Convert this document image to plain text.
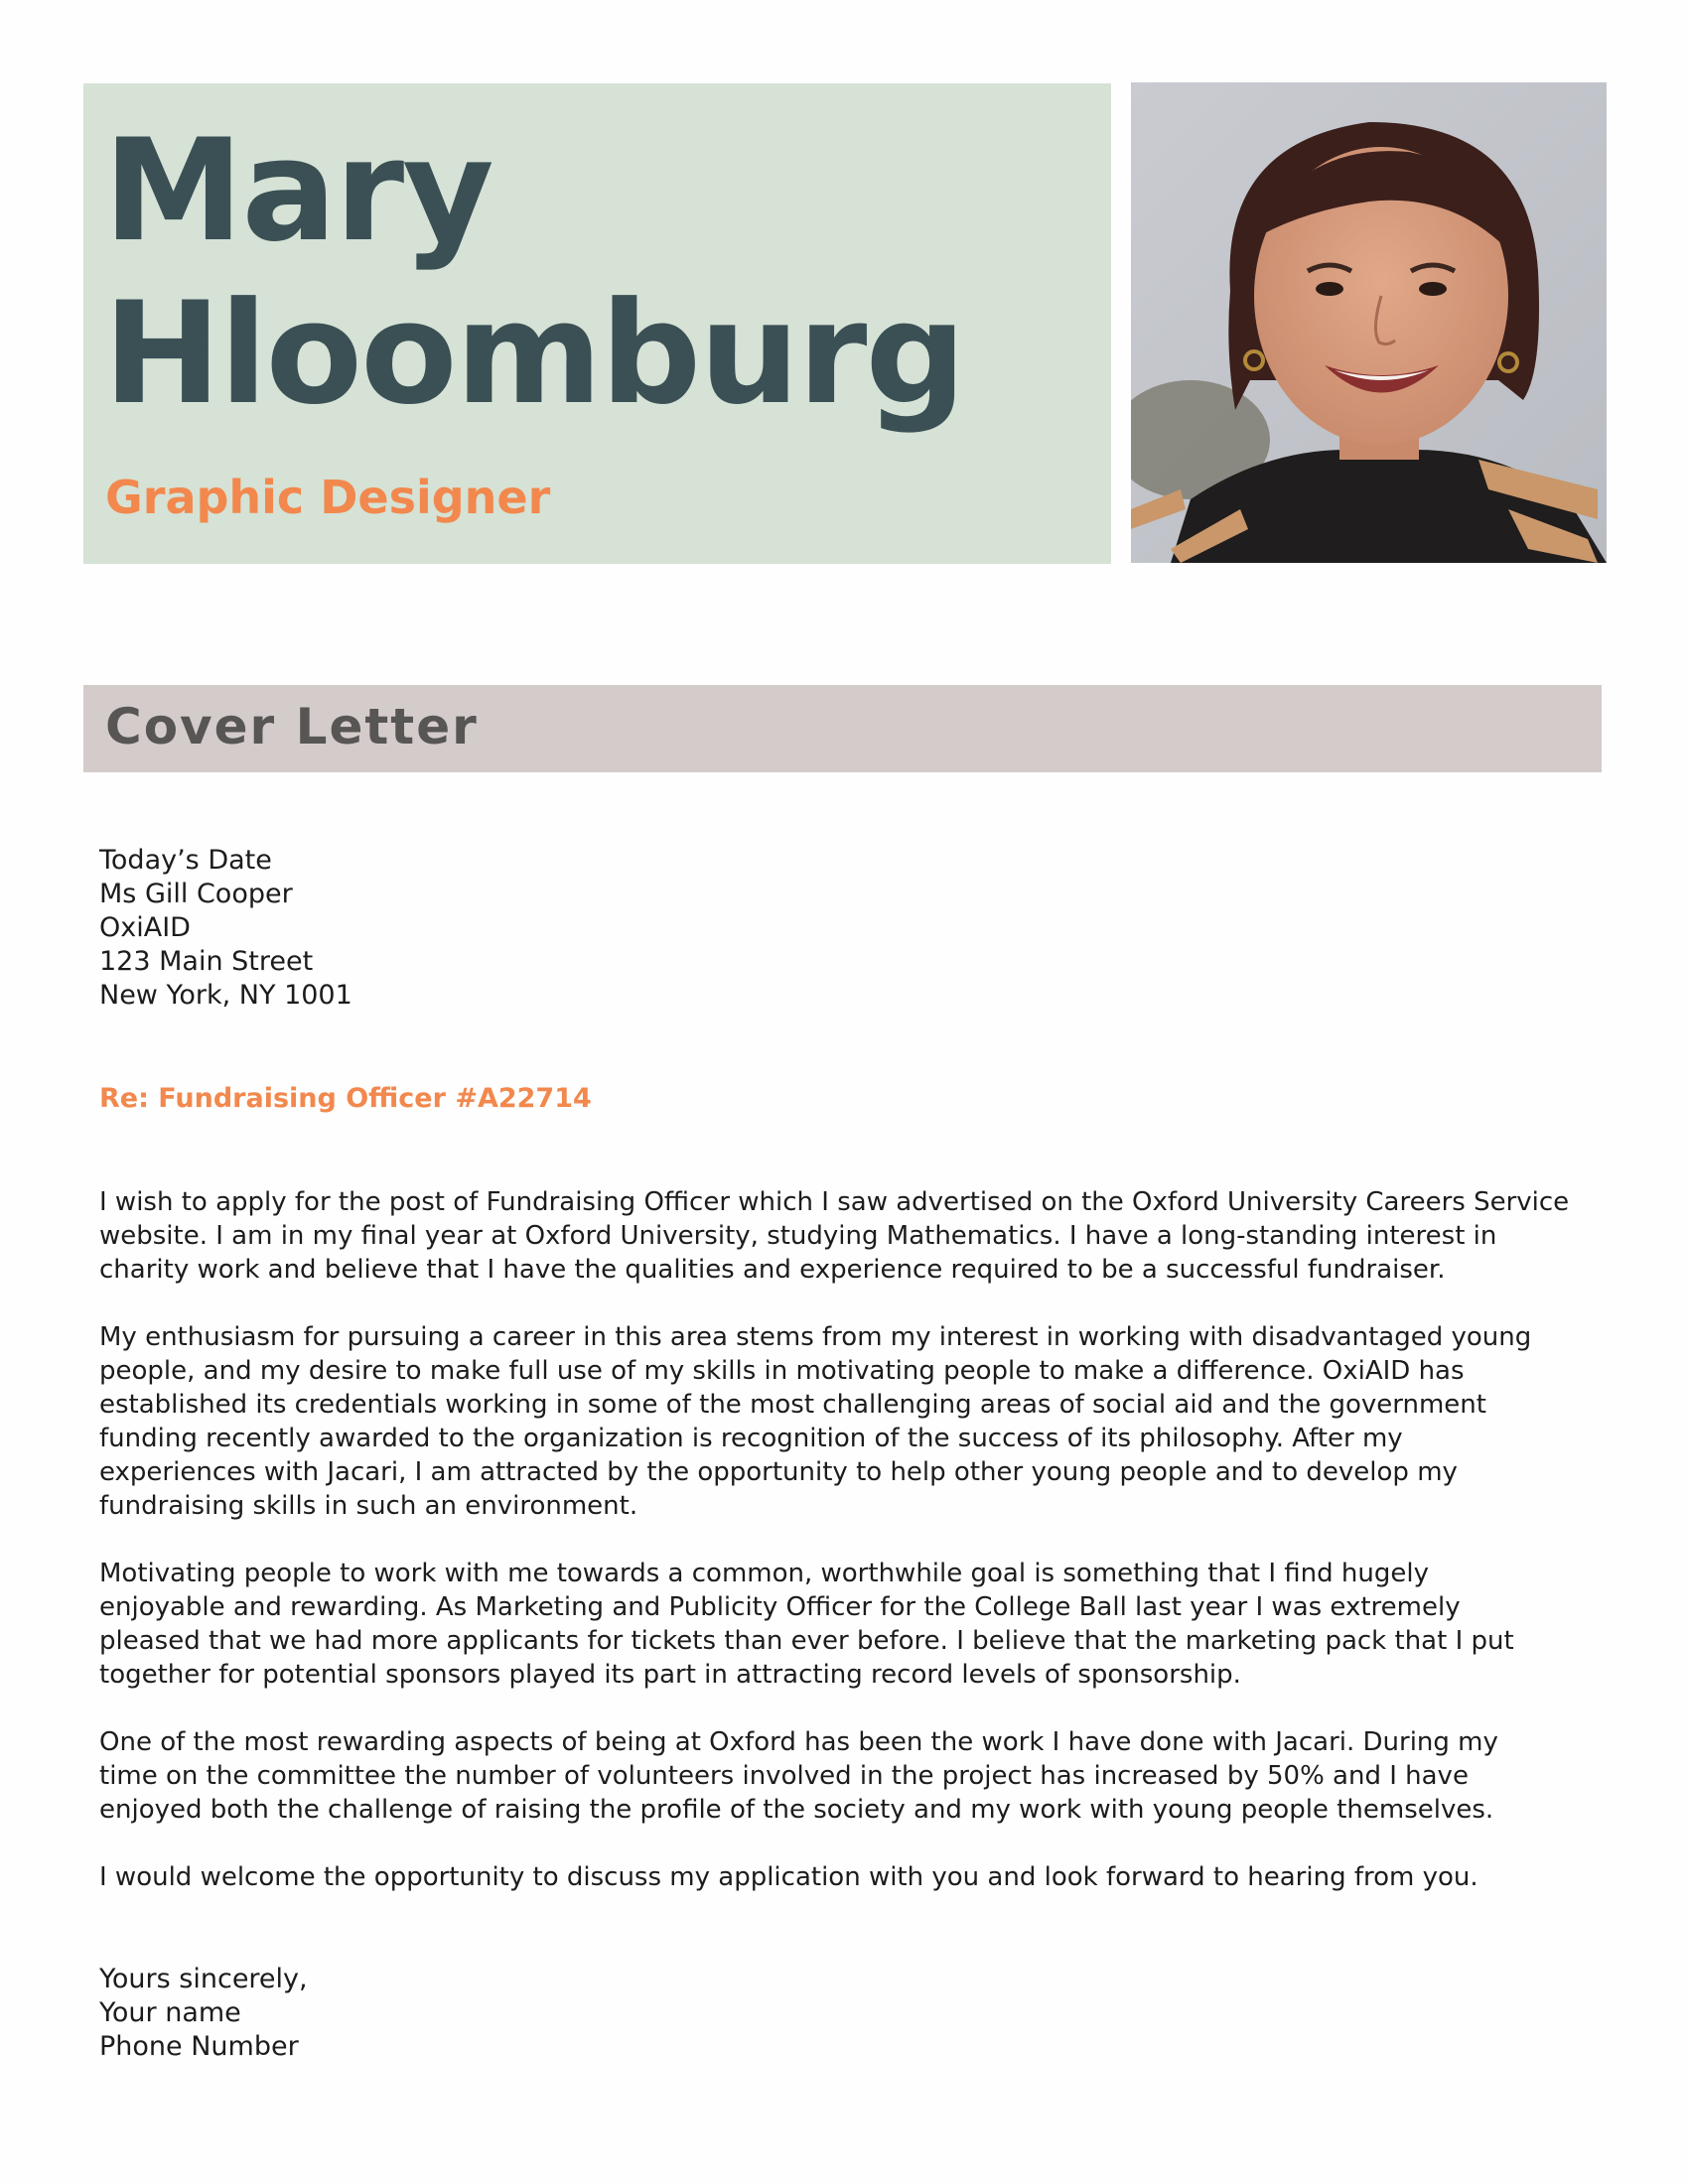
Mary
Hloomburg
Graphic Designer
Cover Letter
Today’s Date
Ms Gill Cooper
OxiAID
123 Main Street
New York, NY 1001

Re: Fundraising Officer #A22714

I wish to apply for the post of Fundraising Officer which I saw advertised on the Oxford University Careers Service
website. I am in my final year at Oxford University, studying Mathematics. I have a long-standing interest in
charity work and believe that I have the qualities and experience required to be a successful fundraiser.

My enthusiasm for pursuing a career in this area stems from my interest in working with disadvantaged young
people, and my desire to make full use of my skills in motivating people to make a difference. OxiAID has
established its credentials working in some of the most challenging areas of social aid and the government
funding recently awarded to the organization is recognition of the success of its philosophy. After my
experiences with Jacari, I am attracted by the opportunity to help other young people and to develop my
fundraising skills in such an environment.

Motivating people to work with me towards a common, worthwhile goal is something that I find hugely
enjoyable and rewarding. As Marketing and Publicity Officer for the College Ball last year I was extremely
pleased that we had more applicants for tickets than ever before. I believe that the marketing pack that I put
together for potential sponsors played its part in attracting record levels of sponsorship.

One of the most rewarding aspects of being at Oxford has been the work I have done with Jacari. During my
time on the committee the number of volunteers involved in the project has increased by 50% and I have
enjoyed both the challenge of raising the profile of the society and my work with young people themselves.

I would welcome the opportunity to discuss my application with you and look forward to hearing from you.

Yours sincerely,
Your name
Phone Number
